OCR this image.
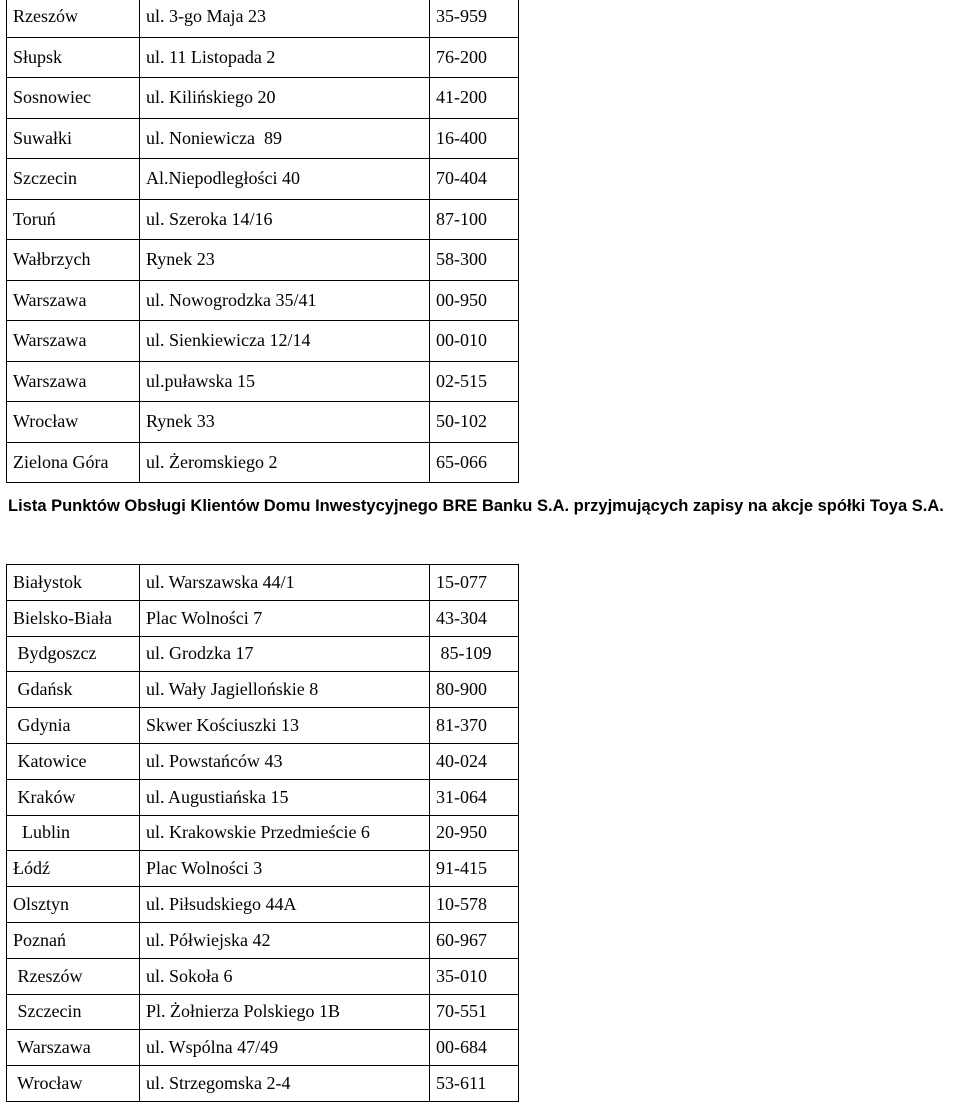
Rzeszów	ul. 3-go Maja 23	35-959
Słupsk	ul. 11 Listopada 2	76-200
Sosnowiec	ul. Kilińskiego 20	41-200
Suwałki	ul. Noniewicza  89	16-400
Szczecin	Al.Niepodległości 40	70-404
Toruń	ul. Szeroka 14/16	87-100
Wałbrzych	Rynek 23	58-300
Warszawa	ul. Nowogrodzka 35/41	00-950
Warszawa	ul. Sienkiewicza 12/14	00-010
Warszawa	ul.puławska 15	02-515
Wrocław	Rynek 33	50-102
Zielona Góra	ul. Żeromskiego 2	65-066

Lista Punktów Obsługi Klientów Domu Inwestycyjnego BRE Banku S.A. przyjmujących zapisy na akcje spółki Toya S.A.

Białystok	ul. Warszawska 44/1	15-077
Bielsko-Biała	Plac Wolności 7	43-304
Bydgoszcz	ul. Grodzka 17	85-109
Gdańsk	ul. Wały Jagiellońskie 8	80-900
Gdynia	Skwer Kościuszki 13	81-370
Katowice	ul. Powstańców 43	40-024
Kraków	ul. Augustiańska 15	31-064
Lublin	ul. Krakowskie Przedmieście 6	20-950
Łódź	Plac Wolności 3	91-415
Olsztyn	ul. Piłsudskiego 44A	10-578
Poznań	ul. Półwiejska 42	60-967
Rzeszów	ul. Sokoła 6	35-010
Szczecin	Pl. Żołnierza Polskiego 1B	70-551
Warszawa	ul. Wspólna 47/49	00-684
Wrocław	ul. Strzegomska 2-4	53-611
